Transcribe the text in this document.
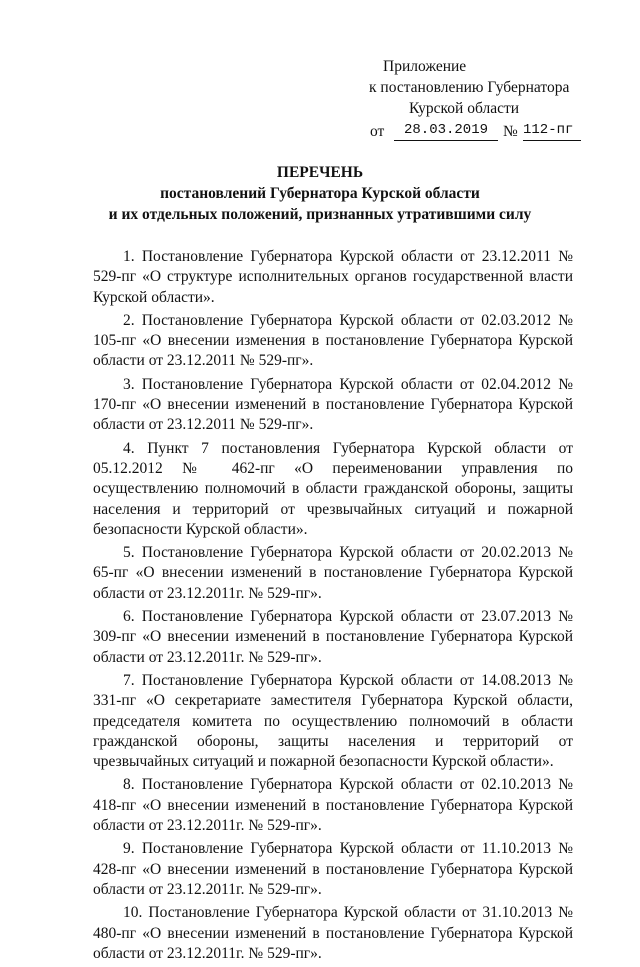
Приложение
к постановлению Губернатора
Курской области
от	28.03.2019 № 112-пг
ПЕРЕЧЕНЬ
постановлений Губернатора Курской области
и их отдельных положений, признанных утратившими силу

1. Постановление Губернатора Курской области от 23.12.2011 № 529-пг «О структуре исполнительных органов государственной власти Курской области».

2. Постановление Губернатора Курской области от 02.03.2012 № 105-пг «О внесении изменения в постановление Губернатора Курской области от 23.12.2011 № 529-пг».

3. Постановление Губернатора Курской области от 02.04.2012 № 170-пг «О внесении изменений в постановление Губернатора Курской области от 23.12.2011 № 529-пг».

4. Пункт 7 постановления Губернатора Курской области от 05.12.2012 № 462-пг «О переименовании управления по осуществлению полномочий в области гражданской обороны, защиты населения и территорий от чрезвычайных ситуаций и пожарной безопасности Курской области».

5. Постановление Губернатора Курской области от 20.02.2013 № 65-пг «О внесении изменений в постановление Губернатора Курской области от 23.12.2011г. № 529-пг».

6. Постановление Губернатора Курской области от 23.07.2013 № 309-пг «О внесении изменений в постановление Губернатора Курской области от 23.12.2011г. № 529-пг».

7. Постановление Губернатора Курской области от 14.08.2013 № 331-пг «О секретариате заместителя Губернатора Курской области, председателя комитета по осуществлению полномочий в области гражданской обороны, защиты населения и территорий от чрезвычайных ситуаций и пожарной безопасности Курской области».

8. Постановление Губернатора Курской области от 02.10.2013 № 418-пг «О внесении изменений в постановление Губернатора Курской области от 23.12.2011г. № 529-пг».

9. Постановление Губернатора Курской области от 11.10.2013 № 428-пг «О внесении изменений в постановление Губернатора Курской области от 23.12.2011г. № 529-пг».

10. Постановление Губернатора Курской области от 31.10.2013 № 480-пг «О внесении изменений в постановление Губернатора Курской области от 23.12.2011г. № 529-пг».
